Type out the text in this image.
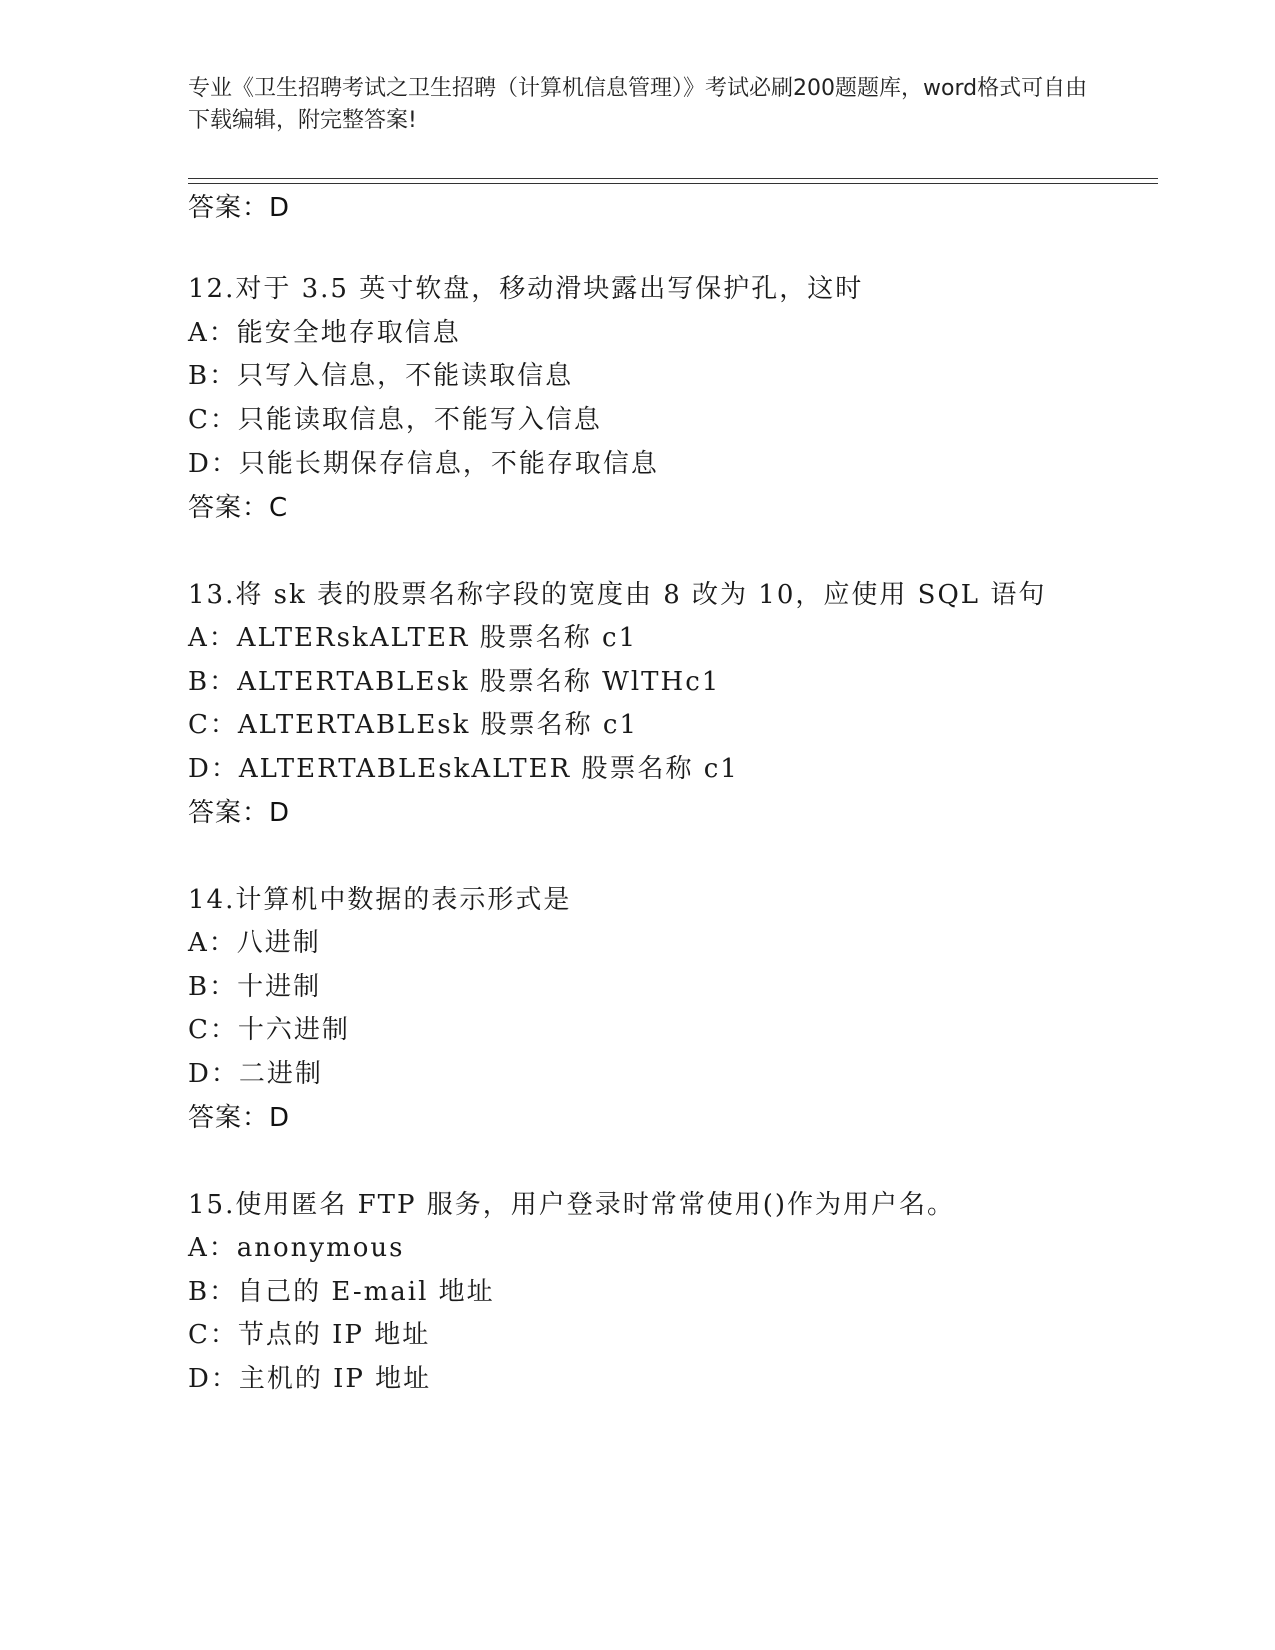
专业《卫生招聘考试之卫生招聘（计算机信息管理）》考试必刷200题题库，word格式可自由下载编辑，附完整答案!
答案：D
12.对于 3.5 英寸软盘，移动滑块露出写保护孔，这时
A：能安全地存取信息
B：只写入信息，不能读取信息
C：只能读取信息，不能写入信息
D：只能长期保存信息，不能存取信息
答案：C
13.将 sk 表的股票名称字段的宽度由 8 改为 10，应使用 SQL 语句
A：ALTERskALTER 股票名称 c1
B：ALTERTABLEsk 股票名称 WlTHc1
C：ALTERTABLEsk 股票名称 c1
D：ALTERTABLEskALTER 股票名称 c1
答案：D
14.计算机中数据的表示形式是
A：八进制
B：十进制
C：十六进制
D：二进制
答案：D
15.使用匿名 FTP 服务，用户登录时常常使用()作为用户名。
A：anonymous
B：自己的 E-mail 地址
C：节点的 IP 地址
D：主机的 IP 地址
